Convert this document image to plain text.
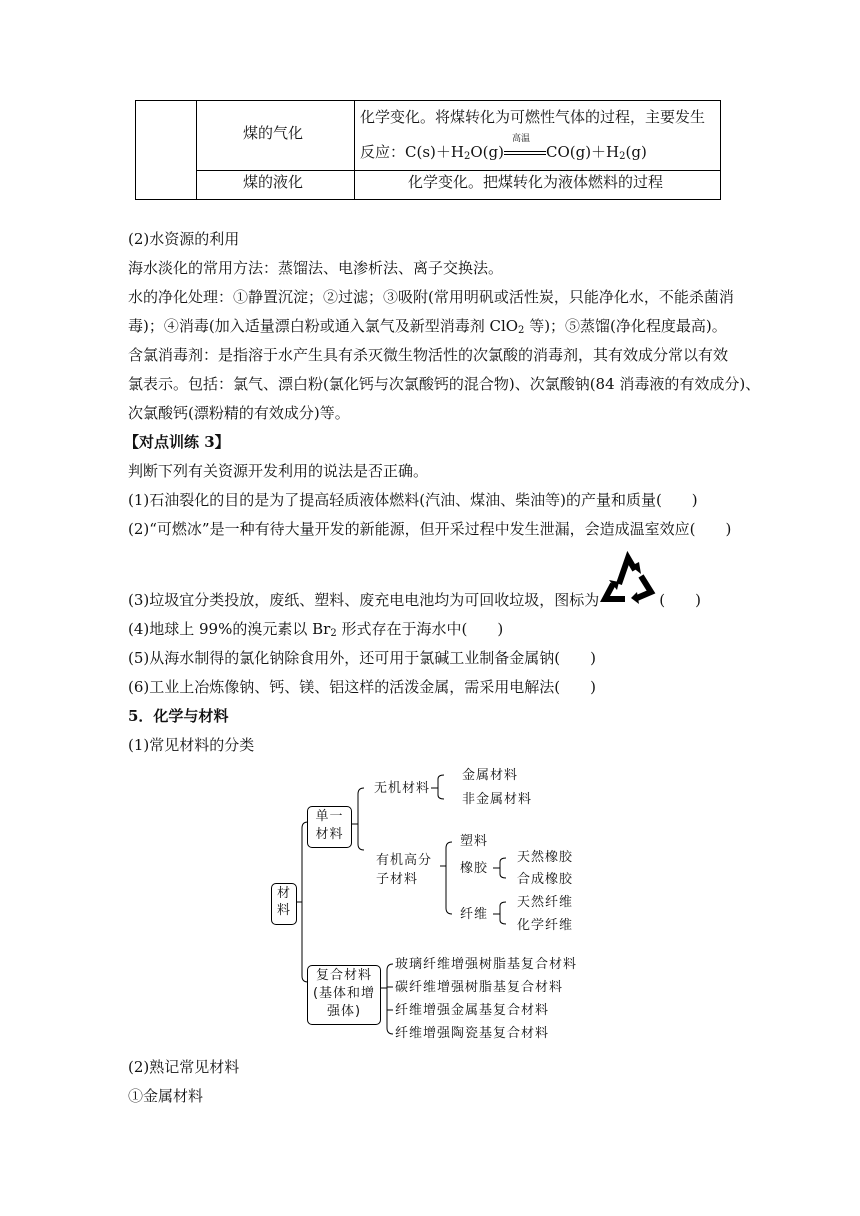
煤的气化
化学变化。将煤转化为可燃性气体的过程，主要发生
反应：$C(s)+H_2O(g)$
高温
$CO(g)+H_2(g)$
煤的液化	化学变化。把煤转化为液体燃料的过程
(2)水资源的利用
海水淡化的常用方法：蒸馏法、电渗析法、离子交换法。
水的净化处理：①静置沉淀；②过滤；③吸附(常用明矾或活性炭，只能净化水，不能杀菌消
毒)；④消毒(加入适量漂白粉或通入氯气及新型消毒剂 ClO$_2$ 等)；⑤蒸馏(净化程度最高)。
含氯消毒剂：是指溶于水产生具有杀灭微生物活性的次氯酸的消毒剂，其有效成分常以有效
氯表示。包括：氯气、漂白粉(氯化钙与次氯酸钙的混合物)、次氯酸钠(84 消毒液的有效成分)、
次氯酸钙(漂粉精的有效成分)等。
【对点训练 3】
判断下列有关资源开发利用的说法是否正确。
(1)石油裂化的目的是为了提高轻质液体燃料(汽油、煤油、柴油等)的产量和质量(　　)
(2)“可燃冰”是一种有待大量开发的新能源，但开采过程中发生泄漏，会造成温室效应(　　)
(3)垃圾宜分类投放，废纸、塑料、废充电电池均为可回收垃圾，图标为	(　　)
(4)地球上 99%的溴元素以 $Br_2$ 形式存在于海水中(　　)
(5)从海水制得的氯化钠除食用外，还可用于氯碱工业制备金属钠(　　)
(6)工业上冶炼像钠、钙、镁、铝这样的活泼金属，需采用电解法(　　)
5．化学与材料
(1)常见材料的分类
材料
单一
材料
无机材料
金属材料
非金属材料
有机高分
子材料
塑料
橡胶
天然橡胶
合成橡胶
纤维
天然纤维
化学纤维
复合材料
(基体和增
强体)
玻璃纤维增强树脂基复合材料
碳纤维增强树脂基复合材料
纤维增强金属基复合材料
纤维增强陶瓷基复合材料
(2)熟记常见材料
①金属材料
